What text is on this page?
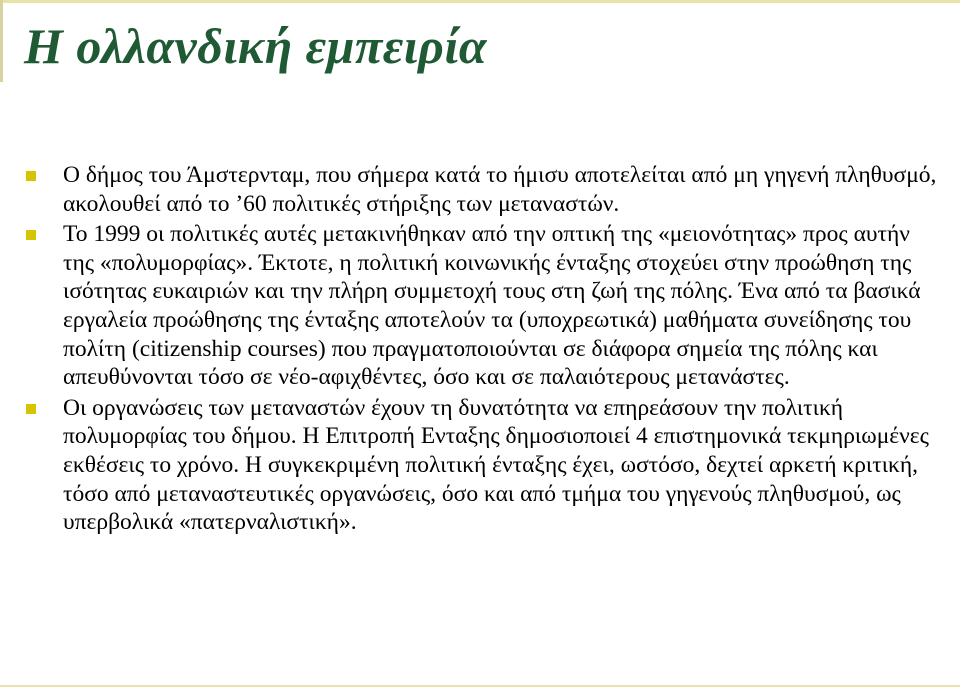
Η ολλανδική εμπειρία
Ο δήμος του Άμστερνταμ, που σήμερα κατά το ήμισυ αποτελείται από μη γηγενή πληθυσμό, ακολουθεί από το ’60 πολιτικές στήριξης των μεταναστών.
Το 1999 οι πολιτικές αυτές μετακινήθηκαν από την οπτική της «μειονότητας» προς αυτήν της «πολυμορφίας». Έκτοτε, η πολιτική κοινωνικής ένταξης στοχεύει στην προώθηση της ισότητας ευκαιριών και την πλήρη συμμετοχή τους στη ζωή της πόλης. Ένα από τα βασικά εργαλεία προώθησης της ένταξης αποτελούν τα (υποχρεωτικά) μαθήματα συνείδησης του πολίτη (citizenship courses) που πραγματοποιούνται σε διάφορα σημεία της πόλης και απευθύνονται τόσο σε νέο-αφιχθέντες, όσο και σε παλαιότερους μετανάστες.
Οι οργανώσεις των μεταναστών έχουν τη δυνατότητα να επηρεάσουν την πολιτική πολυμορφίας του δήμου. Η Επιτροπή Ενταξης δημοσιοποιεί 4 επιστημονικά τεκμηριωμένες εκθέσεις το χρόνο. Η συγκεκριμένη πολιτική ένταξης έχει, ωστόσο, δεχτεί αρκετή κριτική, τόσο από μεταναστευτικές οργανώσεις, όσο και από τμήμα του γηγενούς πληθυσμού, ως υπερβολικά «πατερναλιστική».
